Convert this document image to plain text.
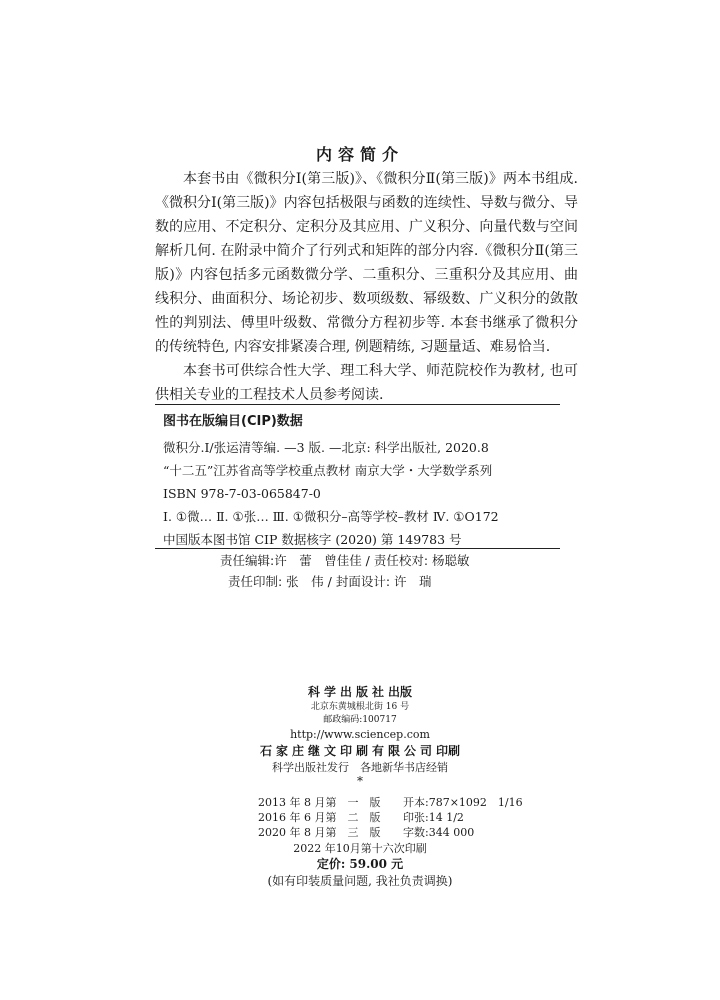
内容简介

本套书由《微积分Ⅰ(第三版)》、《微积分Ⅱ(第三版)》两本书组成.《微积分Ⅰ(第三版)》内容包括极限与函数的连续性、导数与微分、导数的应用、不定积分、定积分及其应用、广义积分、向量代数与空间解析几何. 在附录中简介了行列式和矩阵的部分内容.《微积分Ⅱ(第三版)》内容包括多元函数微分学、二重积分、三重积分及其应用、曲线积分、曲面积分、场论初步、数项级数、幂级数、广义积分的敛散性的判别法、傅里叶级数、常微分方程初步等. 本套书继承了微积分的传统特色, 内容安排紧凑合理, 例题精练, 习题量适、难易恰当.

本套书可供综合性大学、理工科大学、师范院校作为教材, 也可供相关专业的工程技术人员参考阅读.

图书在版编目(CIP)数据
微积分.Ⅰ/张运清等编. —3 版. —北京: 科学出版社, 2020.8
“十二五”江苏省高等学校重点教材 南京大学・大学数学系列
ISBN 978-7-03-065847-0
Ⅰ. ①微… Ⅱ. ①张… Ⅲ. ①微积分–高等学校–教材 Ⅳ. ①O172
中国版本图书馆 CIP 数据核字 (2020) 第 149783 号
责任编辑:许　蕾　曾佳佳 / 责任校对: 杨聪敏
责任印制: 张　伟 / 封面设计: 许　瑞
科学出版社出版
北京东黄城根北街 16 号
邮政编码:100717
http://www.sciencep.com
石家庄继文印刷有限公司印刷
科学出版社发行　各地新华书店经销
*
2013 年 8 月第　一　版 开本:787×1092　1/16
2016 年 6 月第　二　版 印张:14 1/2
2020 年 8 月第　三　版 字数:344 000
2022 年10月第十六次印刷
定价: 59.00 元
(如有印装质量问题, 我社负责调换)
